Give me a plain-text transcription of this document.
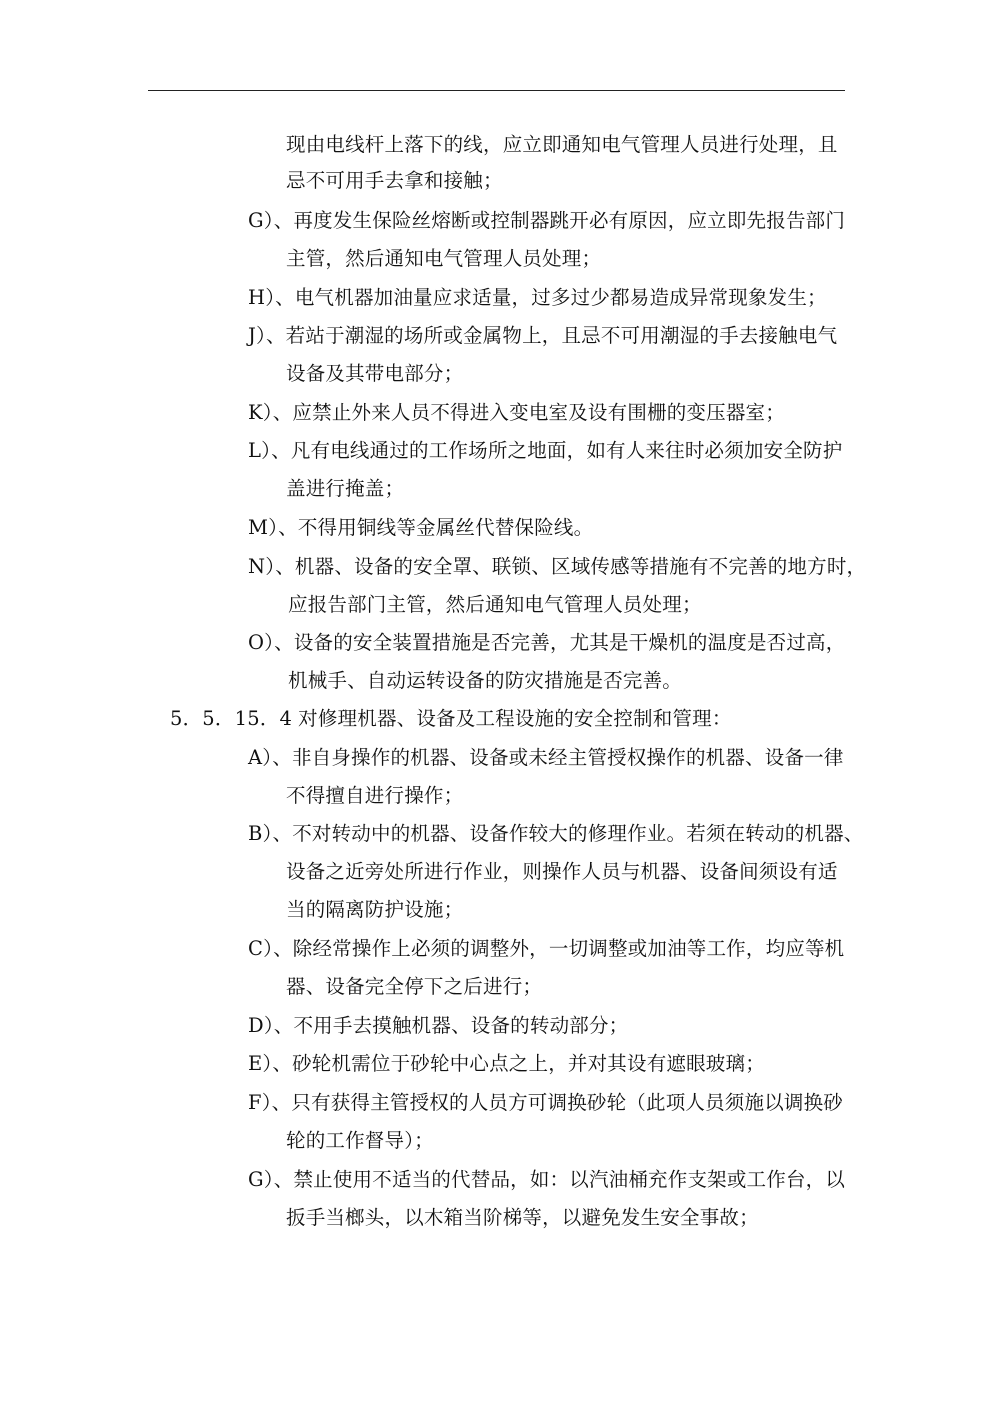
现由电线杆上落下的线，应立即通知电气管理人员进行处理，且
忌不可用手去拿和接触；
G）、再度发生保险丝熔断或控制器跳开必有原因，应立即先报告部门
主管，然后通知电气管理人员处理；
H）、电气机器加油量应求适量，过多过少都易造成异常现象发生；
J）、若站于潮湿的场所或金属物上，且忌不可用潮湿的手去接触电气
设备及其带电部分；
K）、应禁止外来人员不得进入变电室及设有围栅的变压器室；
L）、凡有电线通过的工作场所之地面，如有人来往时必须加安全防护
盖进行掩盖；
M）、不得用铜线等金属丝代替保险线。
N）、机器、设备的安全罩、联锁、区域传感等措施有不完善的地方时，
应报告部门主管，然后通知电气管理人员处理；
O）、设备的安全装置措施是否完善，尤其是干燥机的温度是否过高，
机械手、自动运转设备的防灾措施是否完善。
5．5．15．4 对修理机器、设备及工程设施的安全控制和管理：
A）、非自身操作的机器、设备或未经主管授权操作的机器、设备一律
不得擅自进行操作；
B）、不对转动中的机器、设备作较大的修理作业。若须在转动的机器、
设备之近旁处所进行作业，则操作人员与机器、设备间须设有适
当的隔离防护设施；
C）、除经常操作上必须的调整外，一切调整或加油等工作，均应等机
器、设备完全停下之后进行；
D）、不用手去摸触机器、设备的转动部分；
E）、砂轮机需位于砂轮中心点之上，并对其设有遮眼玻璃；
F）、只有获得主管授权的人员方可调换砂轮（此项人员须施以调换砂
轮的工作督导）；
G）、禁止使用不适当的代替品，如：以汽油桶充作支架或工作台，以
扳手当榔头，以木箱当阶梯等，以避免发生安全事故；
